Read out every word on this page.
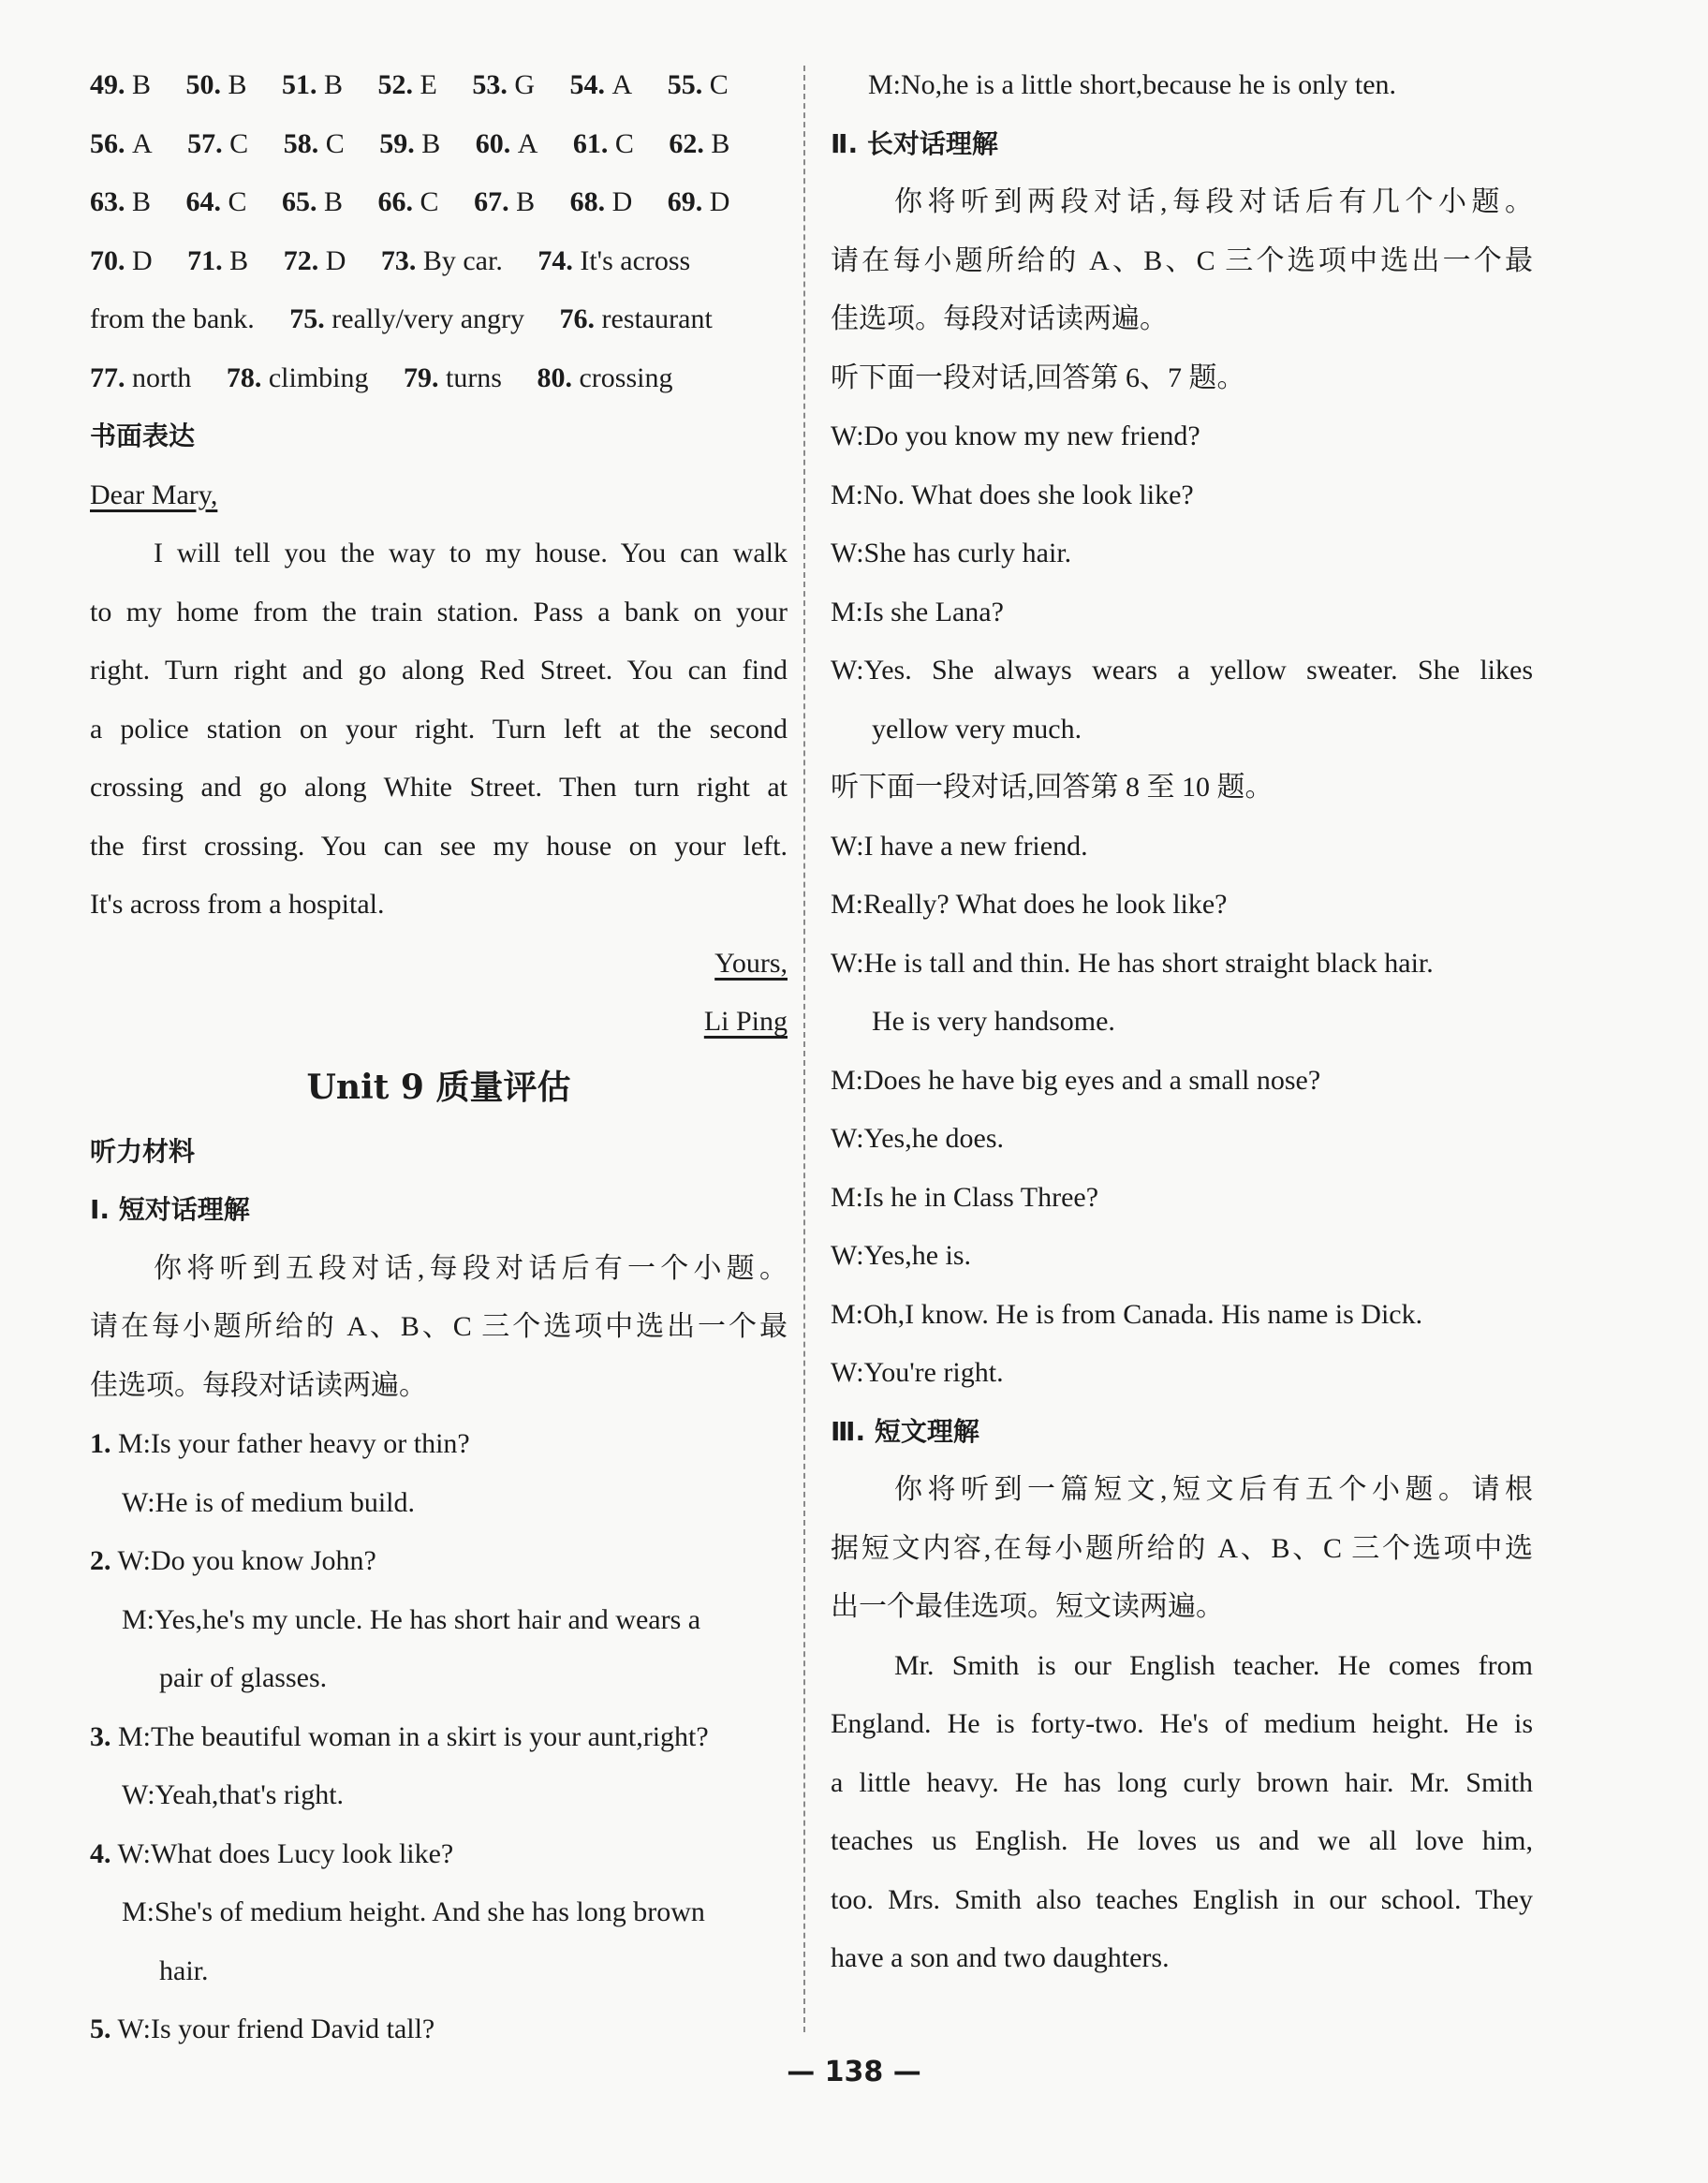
49. B 50. B 51. B 52. E 53. G 54. A 55. C
56. A 57. C 58. C 59. B 60. A 61. C 62. B
63. B 64. C 65. B 66. C 67. B 68. D 69. D
70. D 71. B 72. D 73. By car. 74. It's across
from the bank. 75. really/very angry 76. restaurant
77. north 78. climbing 79. turns 80. crossing
书面表达
Dear Mary,
I will tell you the way to my house. You can walk
to my home from the train station. Pass a bank on your
right. Turn right and go along Red Street. You can find
a police station on your right. Turn left at the second
crossing and go along White Street. Then turn right at
the first crossing. You can see my house on your left.
It's across from a hospital.
Yours,
Li Ping
Unit 9 质量评估
听力材料
Ⅰ. 短对话理解
你将听到五段对话,每段对话后有一个小题。
请在每小题所给的 A、B、C 三个选项中选出一个最
佳选项。每段对话读两遍。
1. M:Is your father heavy or thin?
W:He is of medium build.
2. W:Do you know John?
M:Yes,he's my uncle. He has short hair and wears a
pair of glasses.
3. M:The beautiful woman in a skirt is your aunt,right?
W:Yeah,that's right.
4. W:What does Lucy look like?
M:She's of medium height. And she has long brown
hair.
5. W:Is your friend David tall?
M:No,he is a little short,because he is only ten.
Ⅱ. 长对话理解
你将听到两段对话,每段对话后有几个小题。
请在每小题所给的 A、B、C 三个选项中选出一个最
佳选项。每段对话读两遍。
听下面一段对话,回答第 6、7 题。
W:Do you know my new friend?
M:No. What does she look like?
W:She has curly hair.
M:Is she Lana?
W:Yes. She always wears a yellow sweater. She likes
yellow very much.
听下面一段对话,回答第 8 至 10 题。
W:I have a new friend.
M:Really? What does he look like?
W:He is tall and thin. He has short straight black hair.
He is very handsome.
M:Does he have big eyes and a small nose?
W:Yes,he does.
M:Is he in Class Three?
W:Yes,he is.
M:Oh,I know. He is from Canada. His name is Dick.
W:You're right.
Ⅲ. 短文理解
你将听到一篇短文,短文后有五个小题。请根
据短文内容,在每小题所给的 A、B、C 三个选项中选
出一个最佳选项。短文读两遍。
Mr. Smith is our English teacher. He comes from
England. He is forty-two. He's of medium height. He is
a little heavy. He has long curly brown hair. Mr. Smith
teaches us English. He loves us and we all love him,
too. Mrs. Smith also teaches English in our school. They
have a son and two daughters.
— 138 —
